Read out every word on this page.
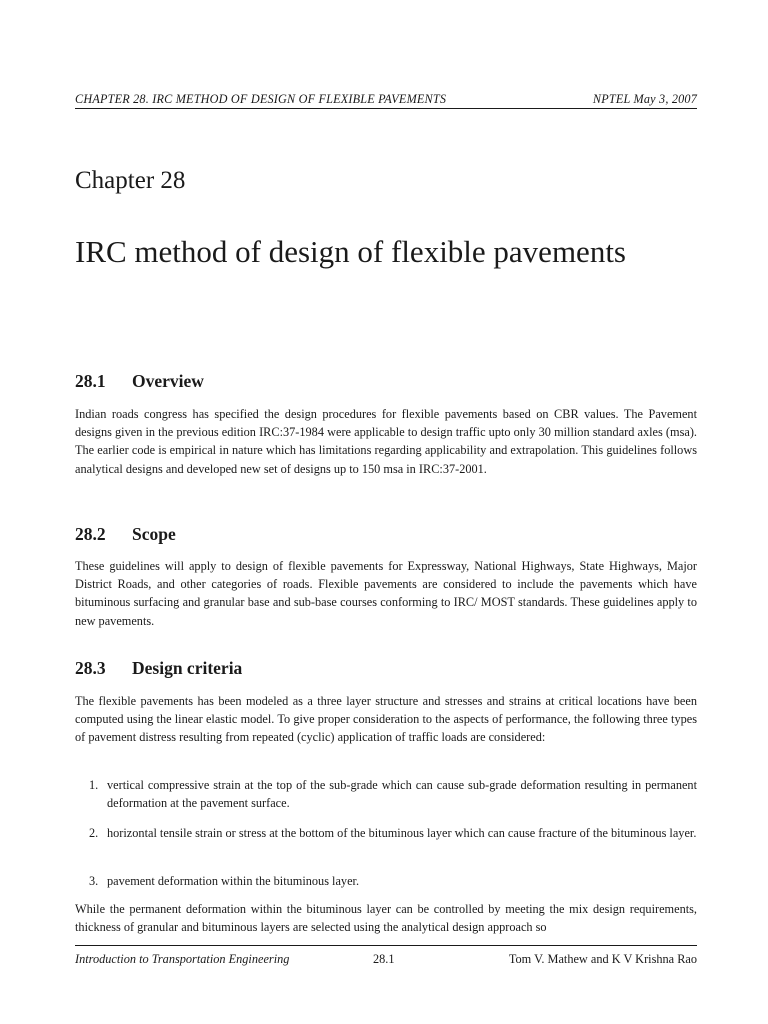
CHAPTER 28. IRC METHOD OF DESIGN OF FLEXIBLE PAVEMENTS	NPTEL May 3, 2007
Chapter 28
IRC method of design of flexible pavements
28.1 Overview
Indian roads congress has specified the design procedures for flexible pavements based on CBR values. The Pavement designs given in the previous edition IRC:37-1984 were applicable to design traffic upto only 30 million standard axles (msa). The earlier code is empirical in nature which has limitations regarding applicability and extrapolation. This guidelines follows analytical designs and developed new set of designs up to 150 msa in IRC:37-2001.
28.2 Scope
These guidelines will apply to design of flexible pavements for Expressway, National Highways, State Highways, Major District Roads, and other categories of roads. Flexible pavements are considered to include the pavements which have bituminous surfacing and granular base and sub-base courses conforming to IRC/ MOST standards. These guidelines apply to new pavements.
28.3 Design criteria
The flexible pavements has been modeled as a three layer structure and stresses and strains at critical locations have been computed using the linear elastic model. To give proper consideration to the aspects of performance, the following three types of pavement distress resulting from repeated (cyclic) application of traffic loads are considered:
1. vertical compressive strain at the top of the sub-grade which can cause sub-grade deformation resulting in permanent deformation at the pavement surface.
2. horizontal tensile strain or stress at the bottom of the bituminous layer which can cause fracture of the bituminous layer.
3. pavement deformation within the bituminous layer.
While the permanent deformation within the bituminous layer can be controlled by meeting the mix design requirements, thickness of granular and bituminous layers are selected using the analytical design approach so
Introduction to Transportation Engineering	28.1	Tom V. Mathew and K V Krishna Rao
